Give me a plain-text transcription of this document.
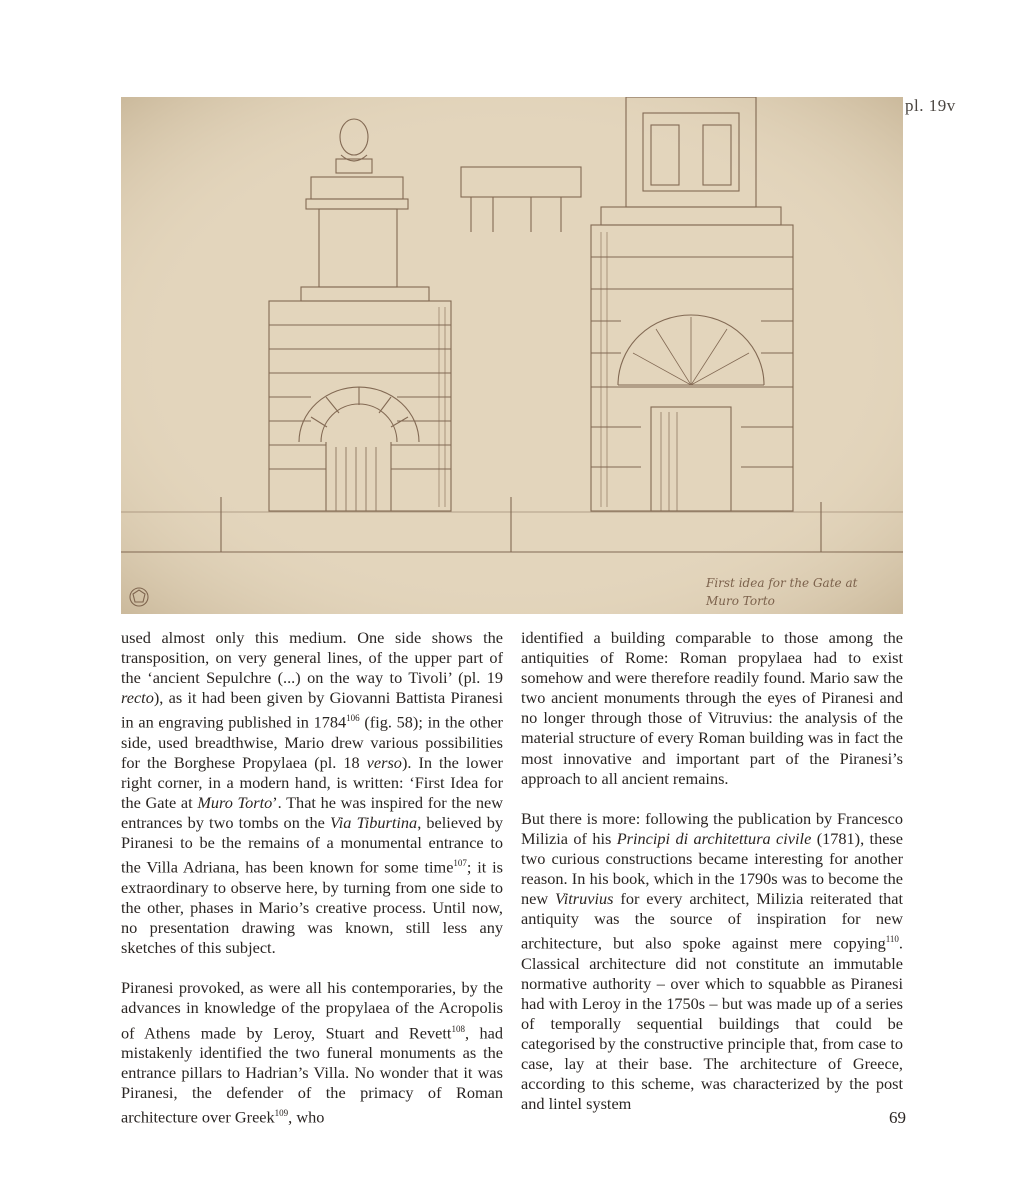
pl. 19v
First idea for the Gate at
Muro Torto

used almost only this medium. One side shows the transposition, on very general lines, of the upper part of the ‘ancient Sepulchre (...) on the way to Tivoli’ (pl. 19 recto), as it had been given by Giovanni Battista Piranesi in an engraving published in 1784$^{106}$ (fig. 58); in the other side, used breadthwise, Mario drew various possibilities for the Borghese Propylaea (pl. 18 verso). In the lower right corner, in a modern hand, is written: ‘First Idea for the Gate at Muro Torto’. That he was inspired for the new entrances by two tombs on the Via Tiburtina, believed by Piranesi to be the remains of a monumental entrance to the Villa Adriana, has been known for some time$^{107}$; it is extraordinary to observe here, by turning from one side to the other, phases in Mario’s creative process. Until now, no presentation drawing was known, still less any sketches of this subject.

Piranesi provoked, as were all his contemporaries, by the advances in knowledge of the propylaea of the Acropolis of Athens made by Leroy, Stuart and Revett$^{108}$, had mistakenly identified the two funeral monuments as the entrance pillars to Hadrian’s Villa. No wonder that it was Piranesi, the defender of the primacy of Roman architecture over Greek$^{109}$, who

identified a building comparable to those among the antiquities of Rome: Roman propylaea had to exist somehow and were therefore readily found. Mario saw the two ancient monuments through the eyes of Piranesi and no longer through those of Vitruvius: the analysis of the material structure of every Roman building was in fact the most innovative and important part of the Piranesi’s approach to all ancient remains.

But there is more: following the publication by Francesco Milizia of his Principi di architettura civile (1781), these two curious constructions became interesting for another reason. In his book, which in the 1790s was to become the new Vitruvius for every architect, Milizia reiterated that antiquity was the source of inspiration for new architecture, but also spoke against mere copying$^{110}$. Classical architecture did not constitute an immutable normative authority – over which to squabble as Piranesi had with Leroy in the 1750s – but was made up of a series of temporally sequential buildings that could be categorised by the constructive principle that, from case to case, lay at their base. The architecture of Greece, according to this scheme, was characterized by the post and lintel system

69
